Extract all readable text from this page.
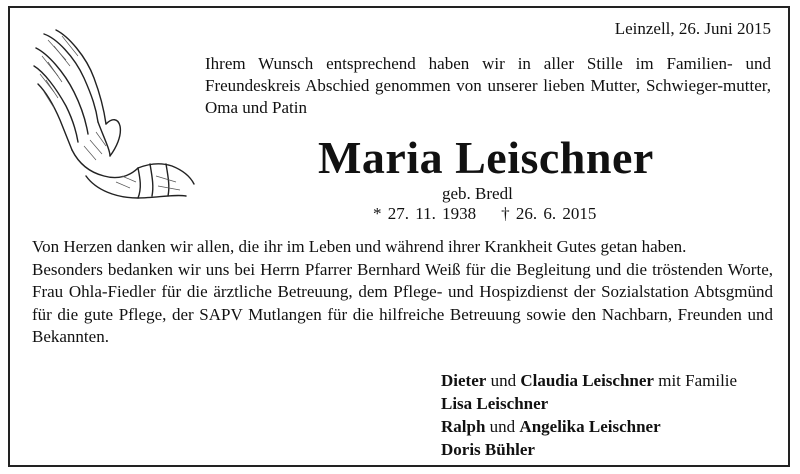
Leinzell, 26. Juni 2015
Ihrem Wunsch entsprechend haben wir in aller Stille im Familien- und Freundeskreis Abschied genommen von unserer lieben Mutter, Schwieger-mutter, Oma und Patin
Maria Leischner
geb. Bredl
* 27. 11. 1938 † 26. 6. 2015

Von Herzen danken wir allen, die ihr im Leben und während ihrer Krankheit Gutes getan haben.

Besonders bedanken wir uns bei Herrn Pfarrer Bernhard Weiß für die Begleitung und die tröstenden Worte, Frau Ohla-Fiedler für die ärztliche Betreuung, dem Pflege- und Hospizdienst der Sozialstation Abtsgmünd für die gute Pflege, der SAPV Mutlangen für die hilfreiche Betreuung sowie den Nachbarn, Freunden und Bekannten.

Dieter und Claudia Leischner mit Familie
Lisa Leischner
Ralph und Angelika Leischner
Doris Bühler
